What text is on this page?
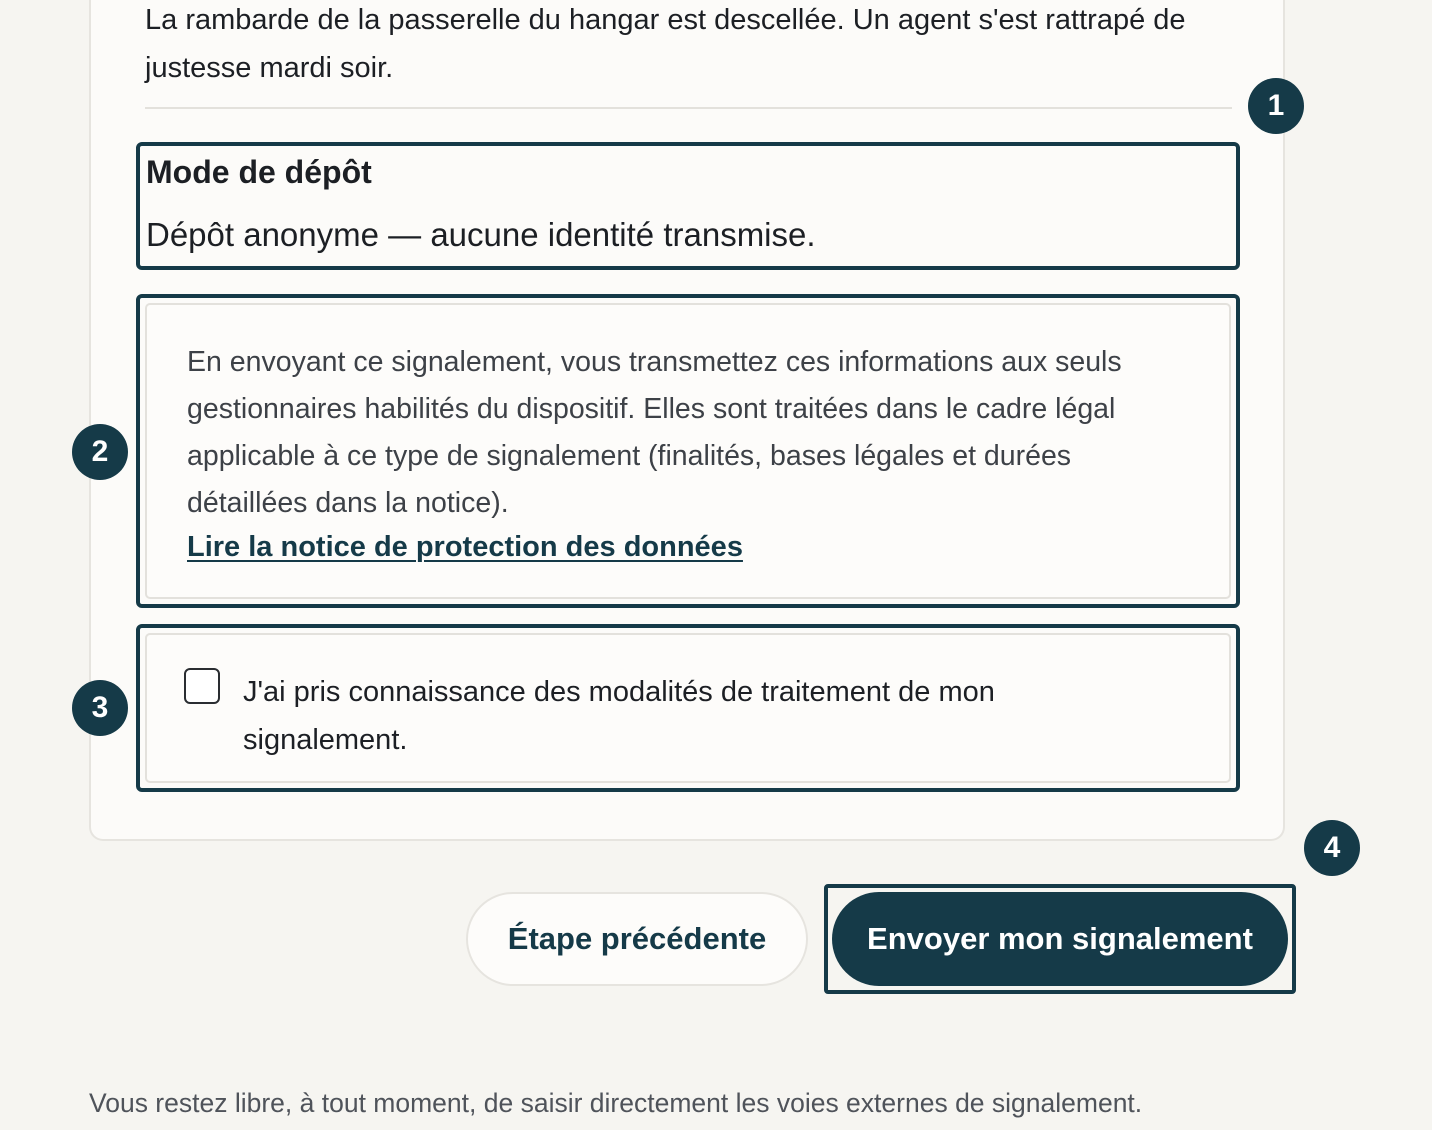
La rambarde de la passerelle du hangar est descellée. Un agent s'est rattrapé de justesse mardi soir.

Mode de dépôt

Dépôt anonyme — aucune identité transmise.

En envoyant ce signalement, vous transmettez ces informations aux seuls gestionnaires habilités du dispositif. Elles sont traitées dans le cadre légal applicable à ce type de signalement (finalités, bases légales et durées détaillées dans la notice).

Lire la notice de protection des données

J'ai pris connaissance des modalités de traitement de mon signalement.

1
2
3
4
Étape précédente	Envoyer mon signalement

Vous restez libre, à tout moment, de saisir directement les voies externes de signalement.
